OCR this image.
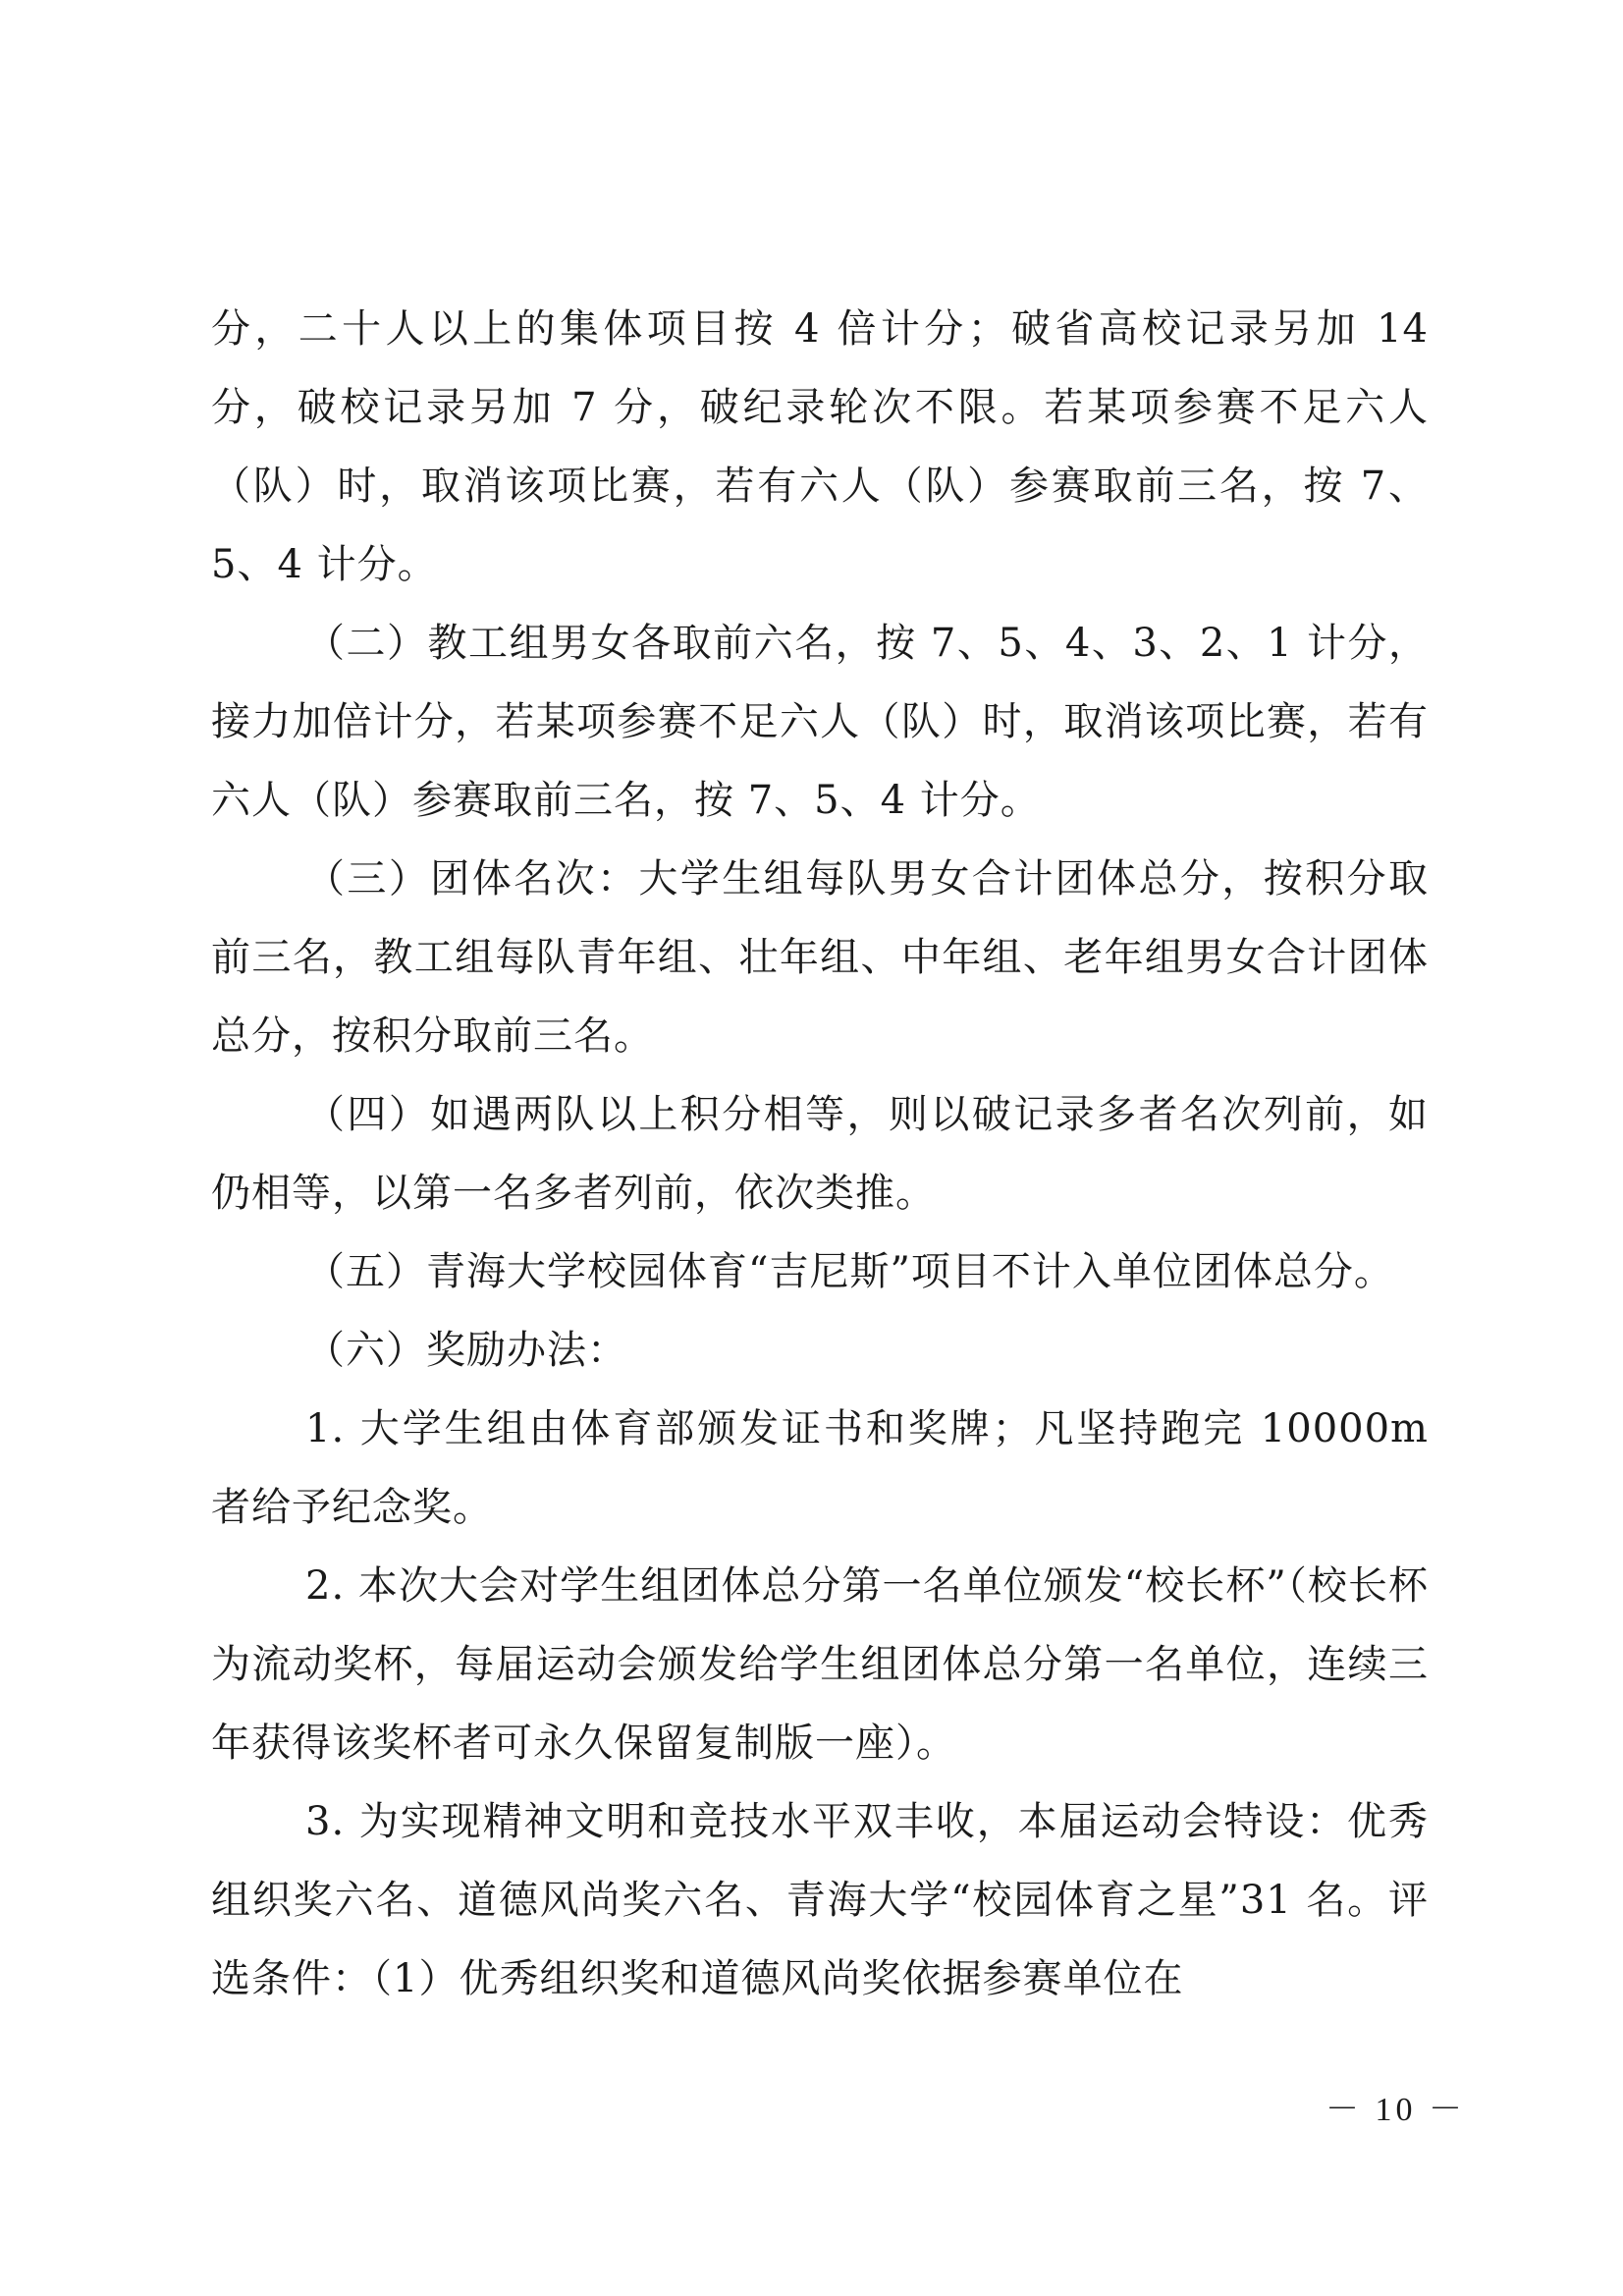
分，二十人以上的集体项目按 4 倍计分；破省高校记录另加 14 分，破校记录另加 7 分，破纪录轮次不限。若某项参赛不足六人（队）时，取消该项比赛，若有六人（队）参赛取前三名，按 7、5、4 计分。

（二）教工组男女各取前六名，按 7、5、4、3、2、1 计分，接力加倍计分，若某项参赛不足六人（队）时，取消该项比赛，若有六人（队）参赛取前三名，按 7、5、4 计分。

（三）团体名次：大学生组每队男女合计团体总分，按积分取前三名，教工组每队青年组、壮年组、中年组、老年组男女合计团体总分，按积分取前三名。

（四）如遇两队以上积分相等，则以破记录多者名次列前，如仍相等，以第一名多者列前，依次类推。

（五）青海大学校园体育“吉尼斯”项目不计入单位团体总分。

（六）奖励办法：

1. 大学生组由体育部颁发证书和奖牌；凡坚持跑完 10000m 者给予纪念奖。

2. 本次大会对学生组团体总分第一名单位颁发“校长杯”（校长杯为流动奖杯，每届运动会颁发给学生组团体总分第一名单位，连续三年获得该奖杯者可永久保留复制版一座）。

3. 为实现精神文明和竞技水平双丰收，本届运动会特设：优秀组织奖六名、道德风尚奖六名、青海大学“校园体育之星”31 名。评选条件：（1）优秀组织奖和道德风尚奖依据参赛单位在

－ 10 －
